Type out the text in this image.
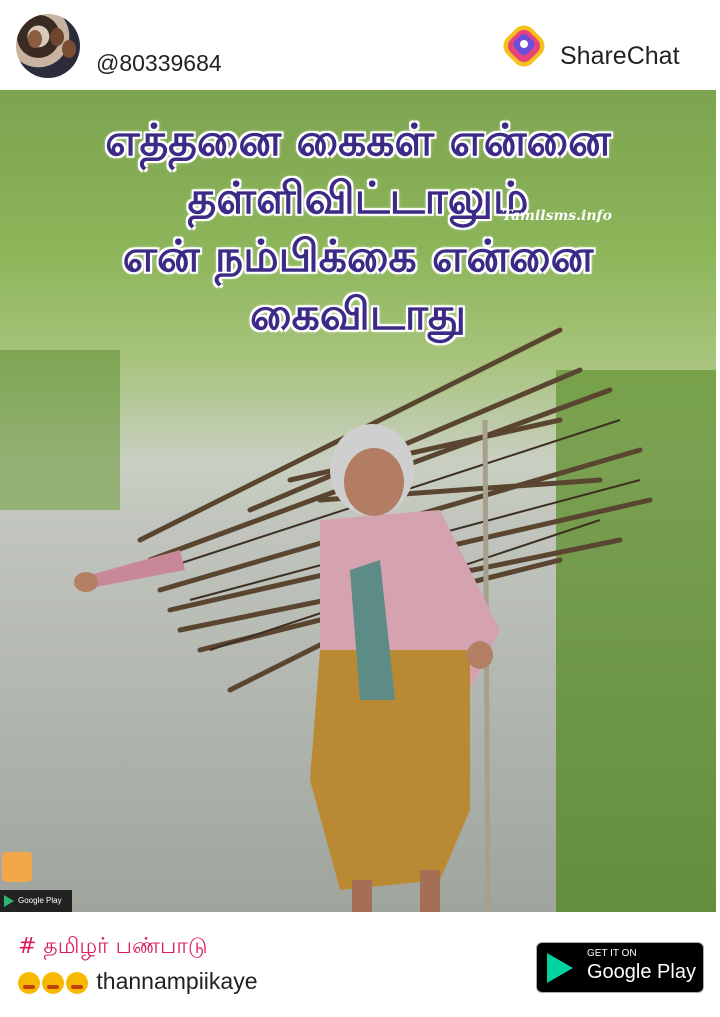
@80339684	ShareChat
எத்தனை கைகள் என்னை
தள்ளிவிட்டாலும்
என் நம்பிக்கை என்னை
கைவிடாது
Tamilsms.info
Google Play
# தமிழர் பண்பாடு
thannampiikaye
GET IT ON
Google Play
